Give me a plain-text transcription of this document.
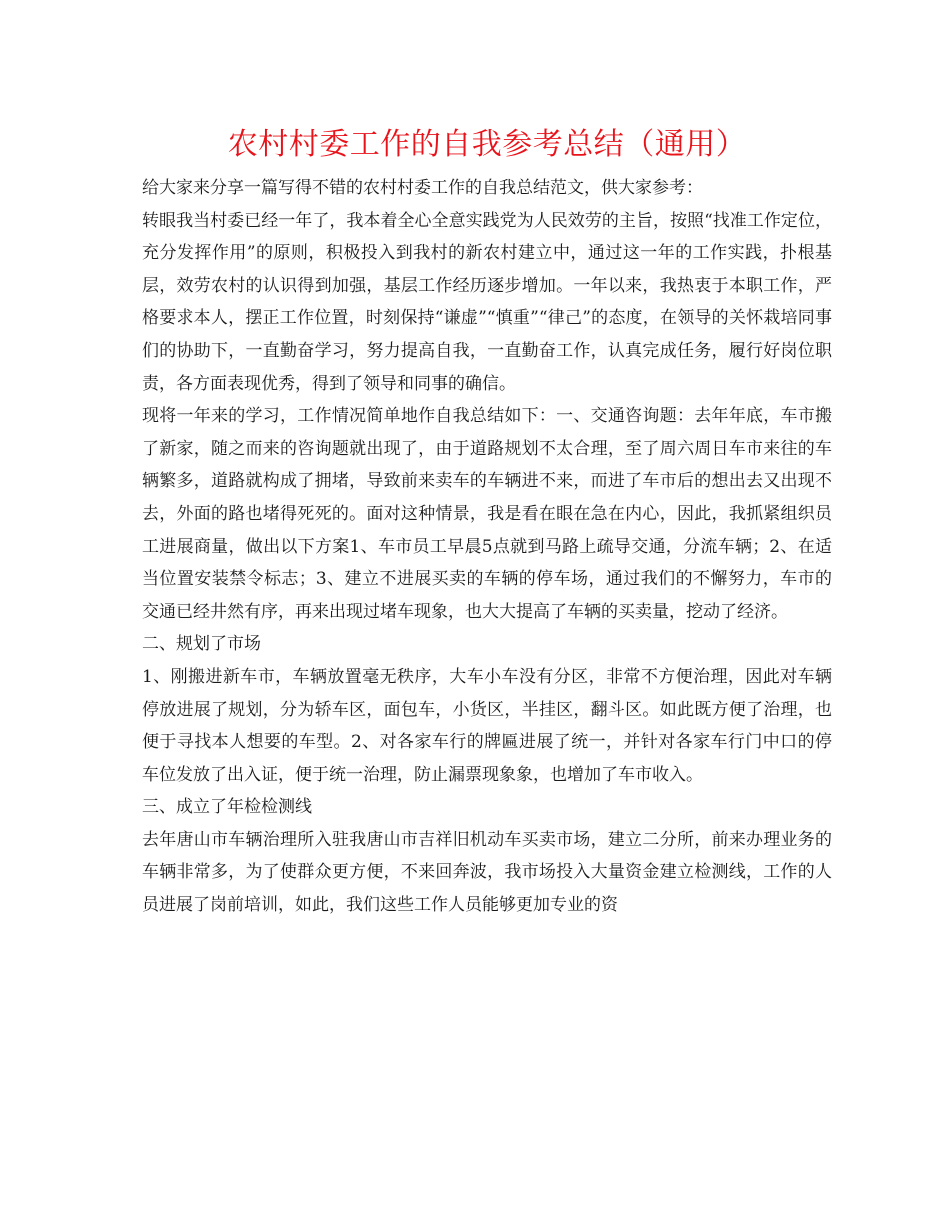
农村村委工作的自我参考总结（通用）

给大家来分享一篇写得不错的农村村委工作的自我总结范文，供大家参考：

转眼我当村委已经一年了，我本着全心全意实践党为人民效劳的主旨，按照“找准工作定位，充分发挥作用”的原则，积极投入到我村的新农村建立中，通过这一年的工作实践，扑根基层，效劳农村的认识得到加强，基层工作经历逐步增加。一年以来，我热衷于本职工作，严格要求本人，摆正工作位置，时刻保持“谦虚”“慎重”“律己”的态度，在领导的关怀栽培同事们的协助下，一直勤奋学习，努力提高自我，一直勤奋工作，认真完成任务，履行好岗位职责，各方面表现优秀，得到了领导和同事的确信。

现将一年来的学习，工作情况简单地作自我总结如下：一、交通咨询题：去年年底，车市搬了新家，随之而来的咨询题就出现了，由于道路规划不太合理，至了周六周日车市来往的车辆繁多，道路就构成了拥堵，导致前来卖车的车辆进不来，而进了车市后的想出去又出现不去，外面的路也堵得死死的。面对这种情景，我是看在眼在急在内心，因此，我抓紧组织员工进展商量，做出以下方案1、车市员工早晨5点就到马路上疏导交通，分流车辆；2、在适当位置安装禁令标志；3、建立不进展买卖的车辆的停车场，通过我们的不懈努力，车市的交通已经井然有序，再来出现过堵车现象，也大大提高了车辆的买卖量，挖动了经济。

二、规划了市场

1、刚搬进新车市，车辆放置毫无秩序，大车小车没有分区，非常不方便治理，因此对车辆停放进展了规划，分为轿车区，面包车，小货区，半挂区，翻斗区。如此既方便了治理，也便于寻找本人想要的车型。2、对各家车行的牌匾进展了统一，并针对各家车行门中口的停车位发放了出入证，便于统一治理，防止漏票现象象，也增加了车市收入。

三、成立了年检检测线

去年唐山市车辆治理所入驻我唐山市吉祥旧机动车买卖市场，建立二分所，前来办理业务的车辆非常多，为了使群众更方便，不来回奔波，我市场投入大量资金建立检测线，工作的人员进展了岗前培训，如此，我们这些工作人员能够更加专业的资
